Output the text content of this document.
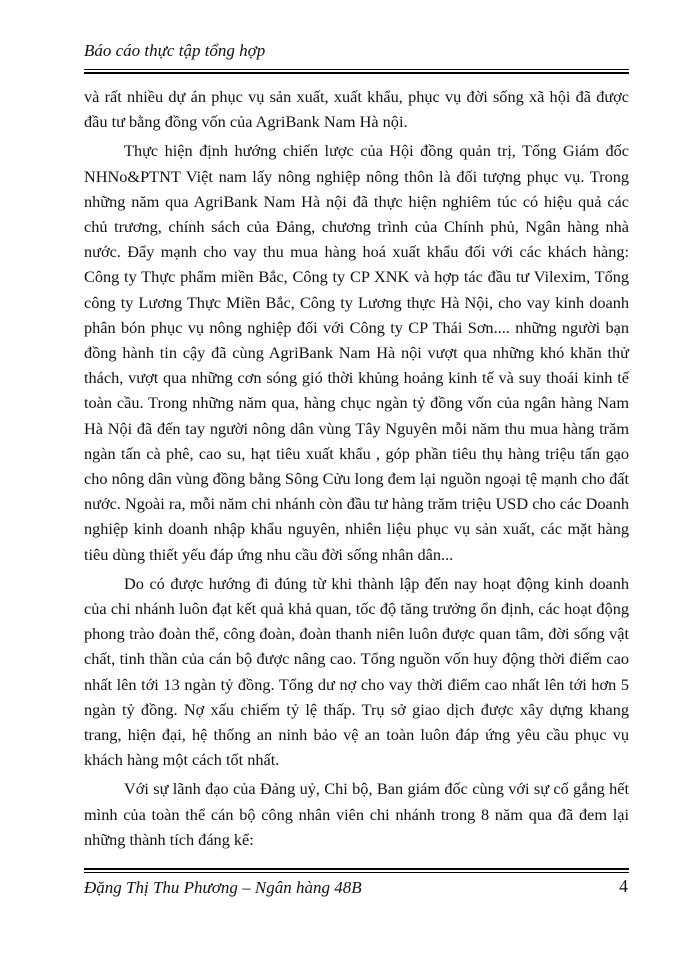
Báo cáo thực tập tổng hợp

và rất nhiều dự án phục vụ sản xuất, xuất khẩu, phục vụ đời sống xã hội đã được đầu tư bằng đồng vốn của AgriBank Nam Hà nội.

Thực hiện định hướng chiến lược của Hội đồng quản trị, Tổng Giám đốc NHNo&PTNT Việt nam lấy nông nghiệp nông thôn là đối tượng phục vụ. Trong những năm qua AgriBank Nam Hà nội đã thực hiện nghiêm túc có hiệu quả các chủ trương, chính sách của Đảng, chương trình của Chính phủ, Ngân hàng nhà nước. Đẩy mạnh cho vay thu mua hàng hoá xuất khẩu đối với các khách hàng: Công ty Thực phẩm miền Bắc, Công ty CP XNK và hợp tác đầu tư Vilexim, Tổng công ty Lương Thực Miền Bắc, Công ty Lương thực Hà Nội, cho vay kinh doanh phân bón phục vụ nông nghiệp đối với Công ty CP Thái Sơn.... những người bạn đồng hành tin cậy đã cùng AgriBank Nam Hà nội vượt qua những khó khăn thử thách, vượt qua những cơn sóng gió thời khủng hoảng kinh tế và suy thoái kinh tế toàn cầu. Trong những năm qua, hàng chục ngàn tỷ đồng vốn của ngân hàng Nam Hà Nội đã đến tay người nông dân vùng Tây Nguyên mỗi năm thu mua hàng trăm ngàn tấn cà phê, cao su, hạt tiêu xuất khẩu , góp phần tiêu thụ hàng triệu tấn gạo cho nông dân vùng đồng bằng Sông Cửu long đem lại nguồn ngoại tệ mạnh cho đất nước. Ngoài ra, mỗi năm chi nhánh còn đầu tư hàng trăm triệu USD cho các Doanh nghiệp kinh doanh nhập khẩu nguyên, nhiên liệu phục vụ sản xuất, các mặt hàng tiêu dùng thiết yếu đáp ứng nhu cầu đời sống nhân dân...

Do có được hướng đi đúng từ khi thành lập đến nay hoạt động kinh doanh của chi nhánh luôn đạt kết quả khả quan, tốc độ tăng trưởng ổn định, các hoạt động phong trào đoàn thể, công đoàn, đoàn thanh niên luôn được quan tâm, đời sống vật chất, tinh thần của cán bộ được nâng cao. Tổng nguồn vốn huy động thời điểm cao nhất lên tới 13 ngàn tỷ đồng. Tổng dư nợ cho vay thời điểm cao nhất lên tới hơn 5 ngàn tỷ đồng. Nợ xấu chiếm tỷ lệ thấp. Trụ sở giao dịch được xây dựng khang trang, hiện đại, hệ thống an ninh bảo vệ an toàn luôn đáp ứng yêu cầu phục vụ khách hàng một cách tốt nhất.

Với sự lãnh đạo của Đảng uỷ, Chi bộ, Ban giám đốc cùng với sự cố gắng hết mình của toàn thể cán bộ công nhân viên chi nhánh trong 8 năm qua đã đem lại những thành tích đáng kể:

Đặng Thị Thu Phương – Ngân hàng 48B	4
